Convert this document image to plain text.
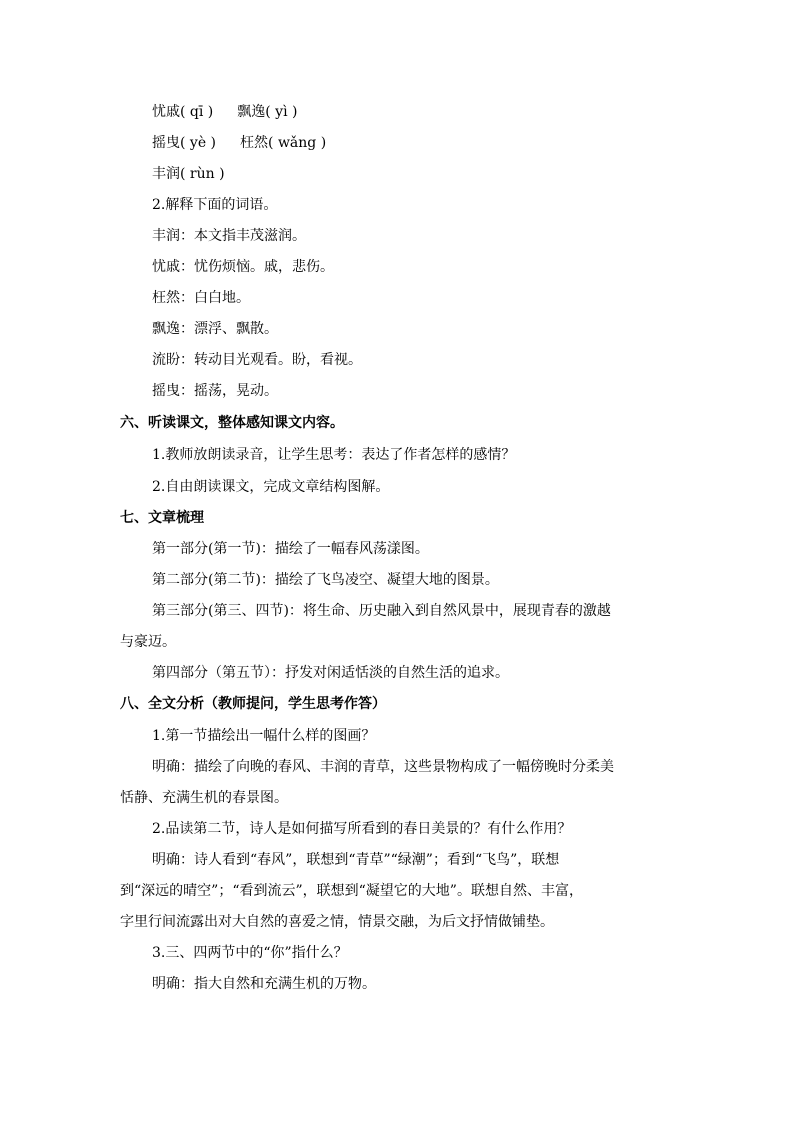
忧戚( qī ) 飘逸( yì )
摇曳( yè ) 枉然( wǎng )
丰润( rùn )
2.解释下面的词语。
丰润：本文指丰茂滋润。
忧戚：忧伤烦恼。戚，悲伤。
枉然：白白地。
飘逸：漂浮、飘散。
流盼：转动目光观看。盼，看视。
摇曳：摇荡，晃动。
六、听读课文，整体感知课文内容。
1.教师放朗读录音，让学生思考：表达了作者怎样的感情？
2.自由朗读课文，完成文章结构图解。
七、文章梳理
第一部分(第一节)：描绘了一幅春风荡漾图。
第二部分(第二节)：描绘了飞鸟凌空、凝望大地的图景。
第三部分(第三、四节)：将生命、历史融入到自然风景中，展现青春的激越
与豪迈。
第四部分（第五节）：抒发对闲适恬淡的自然生活的追求。
八、全文分析（教师提问，学生思考作答）
1.第一节描绘出一幅什么样的图画？
明确：描绘了向晚的春风、丰润的青草，这些景物构成了一幅傍晚时分柔美
恬静、充满生机的春景图。
2.品读第二节，诗人是如何描写所看到的春日美景的？有什么作用？
明确：诗人看到“春风”，联想到“青草”“绿潮”；看到“飞鸟”，联想
到“深远的晴空”；“看到流云”，联想到“凝望它的大地”。联想自然、丰富，
字里行间流露出对大自然的喜爱之情，情景交融，为后文抒情做铺垫。
3.三、四两节中的“你”指什么？
明确：指大自然和充满生机的万物。
